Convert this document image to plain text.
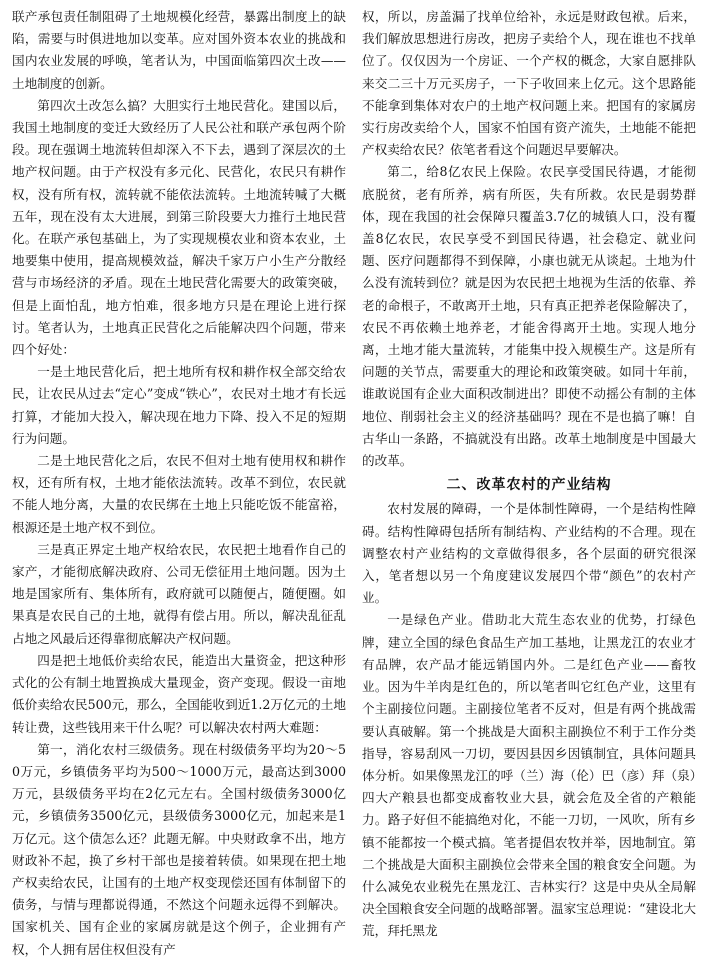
联产承包责任制阻碍了土地规模化经营，暴露出制度上的缺陷，需要与时俱进地加以变革。应对国外资本农业的挑战和国内农业发展的呼唤，笔者认为，中国面临第四次土改——土地制度的创新。

第四次土改怎么搞？大胆实行土地民营化。建国以后，我国土地制度的变迁大致经历了人民公社和联产承包两个阶段。现在强调土地流转但却深入不下去，遇到了深层次的土地产权问题。由于产权没有多元化、民营化，农民只有耕作权，没有所有权，流转就不能依法流转。土地流转喊了大概五年，现在没有太大进展，到第三阶段要大力推行土地民营化。在联产承包基础上，为了实现规模农业和资本农业，土地要集中使用，提高规模效益，解决千家万户小生产分散经营与市场经济的矛盾。现在土地民营化需要大的政策突破，但是上面怕乱，地方怕难，很多地方只是在理论上进行探讨。笔者认为，土地真正民营化之后能解决四个问题，带来四个好处：

一是土地民营化后，把土地所有权和耕作权全部交给农民，让农民从过去“定心”变成“铁心”，农民对土地才有长远打算，才能加大投入，解决现在地力下降、投入不足的短期行为问题。

二是土地民营化之后，农民不但对土地有使用权和耕作权，还有所有权，土地才能依法流转。改革不到位，农民就不能人地分离，大量的农民绑在土地上只能吃饭不能富裕，根源还是土地产权不到位。

三是真正界定土地产权给农民，农民把土地看作自己的家产，才能彻底解决政府、公司无偿征用土地问题。因为土地是国家所有、集体所有，政府就可以随便占，随便圈。如果真是农民自己的土地，就得有偿占用。所以，解决乱征乱占地之风最后还得靠彻底解决产权问题。

四是把土地低价卖给农民，能造出大量资金，把这种形式化的公有制土地置换成大量现金，资产变现。假设一亩地低价卖给农民500元，那么，全国能收到近1.2万亿元的土地转让费，这些钱用来干什么呢？可以解决农村两大难题：

第一，消化农村三级债务。现在村级债务平均为20～50万元，乡镇债务平均为500～1000万元，最高达到3000万元，县级债务平均在2亿元左右。全国村级债务3000亿元，乡镇债务3500亿元，县级债务3000亿元，加起来是1万亿元。这个债怎么还？此题无解。中央财政拿不出，地方财政补不起，换了乡村干部也是接着转债。如果现在把土地产权卖给农民，让国有的土地产权变现偿还国有体制留下的债务，与情与理都说得通，不然这个问题永远得不到解决。国家机关、国有企业的家属房就是这个例子，企业拥有产权，个人拥有居住权但没有产

权，所以，房盖漏了找单位给补，永远是财政包袱。后来，我们解放思想进行房改，把房子卖给个人，现在谁也不找单位了。仅仅因为一个房证、一个产权的概念，大家自愿排队来交二三十万元买房子，一下子收回来上亿元。这个思路能不能拿到集体对农户的土地产权问题上来。把国有的家属房实行房改卖给个人，国家不怕国有资产流失，土地能不能把产权卖给农民？依笔者看这个问题迟早要解决。

第二，给8亿农民上保险。农民享受国民待遇，才能彻底脱贫，老有所养，病有所医，失有所救。农民是弱势群体，现在我国的社会保障只覆盖3.7亿的城镇人口，没有覆盖8亿农民，农民享受不到国民待遇，社会稳定、就业问题、医疗问题都得不到保障，小康也就无从谈起。土地为什么没有流转到位？就是因为农民把土地视为生活的依靠、养老的命根子，不敢离开土地，只有真正把养老保险解决了，农民不再依赖土地养老，才能舍得离开土地。实现人地分离，土地才能大量流转，才能集中投入规模生产。这是所有问题的关节点，需要重大的理论和政策突破。如同十年前，谁敢说国有企业大面积改制进出？即使不动摇公有制的主体地位、削弱社会主义的经济基础吗？现在不是也搞了嘛！自古华山一条路，不搞就没有出路。改革土地制度是中国最大的改革。

二、改革农村的产业结构

农村发展的障碍，一个是体制性障碍，一个是结构性障碍。结构性障碍包括所有制结构、产业结构的不合理。现在调整农村产业结构的文章做得很多，各个层面的研究很深入，笔者想以另一个角度建议发展四个带“颜色”的农村产业。

一是绿色产业。借助北大荒生态农业的优势，打绿色牌，建立全国的绿色食品生产加工基地，让黑龙江的农业才有品牌，农产品才能远销国内外。二是红色产业——畜牧业。因为牛羊肉是红色的，所以笔者叫它红色产业，这里有个主副接位问题。主副接位笔者不反对，但是有两个挑战需要认真破解。第一个挑战是大面积主副换位不利于工作分类指导，容易刮风一刀切，要因县因乡因镇制宜，具体问题具体分析。如果像黑龙江的呼（兰）海（伦）巴（彦）拜（泉）四大产粮县也都变成畜牧业大县，就会危及全省的产粮能力。路子好但不能搞绝对化，不能一刀切，一风吹，所有乡镇不能都按一个模式搞。笔者提倡农牧并举，因地制宜。第二个挑战是大面积主副换位会带来全国的粮食安全问题。为什么减免农业税先在黑龙江、吉林实行？这是中央从全局解决全国粮食安全问题的战略部署。温家宝总理说：“建设北大荒，拜托黑龙
